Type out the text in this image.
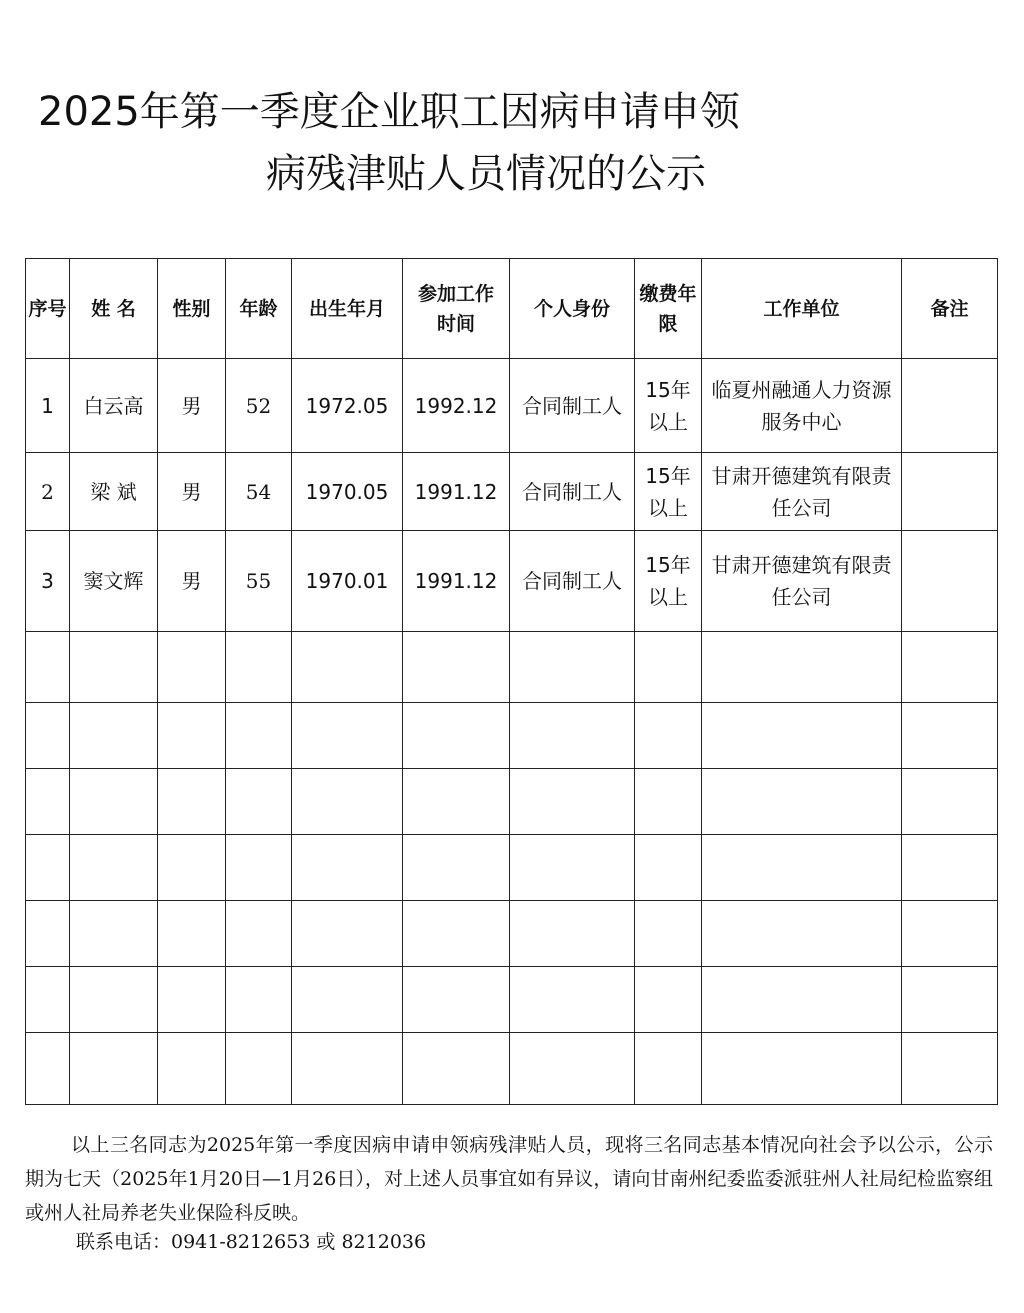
2025年第一季度企业职工因病申请申领
病残津贴人员情况的公示
序号	姓 名	性别	年龄	出生年月	参加工作时间	个人身份	缴费年限	工作单位	备注
1	白云高	男	52	1972.05	1992.12	合同制工人	15年以上	临夏州融通人力资源服务中心	
2	梁 斌	男	54	1970.05	1991.12	合同制工人	15年以上	甘肃开德建筑有限责任公司	
3	窦文辉	男	55	1970.01	1991.12	合同制工人	15年以上	甘肃开德建筑有限责任公司	

以上三名同志为2025年第一季度因病申请申领病残津贴人员，现将三名同志基本情况向社会予以公示，公示期为七天（2025年1月20日—1月26日），对上述人员事宜如有异议，请向甘南州纪委监委派驻州人社局纪检监察组或州人社局养老失业保险科反映。

联系电话：0941-8212653 或 8212036
